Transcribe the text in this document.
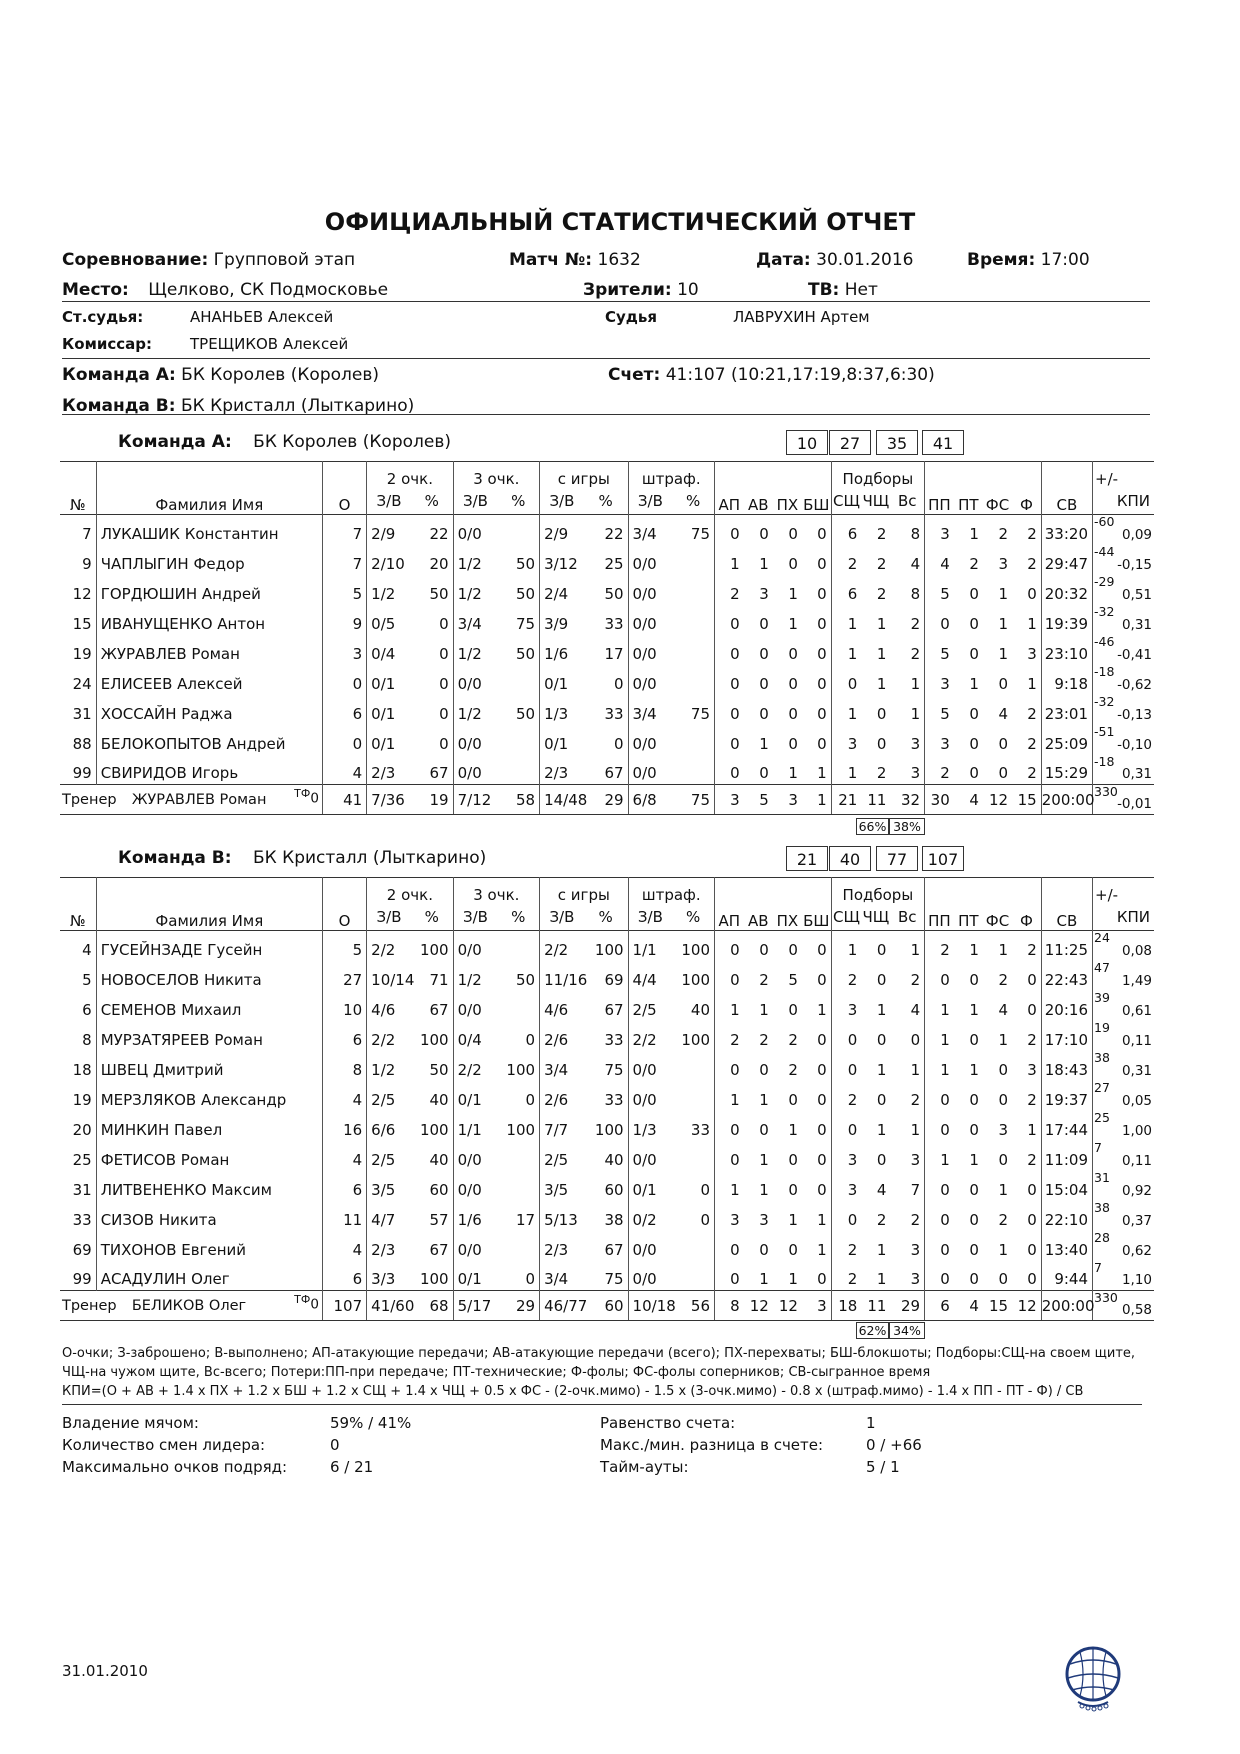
ОФИЦИАЛЬНЫЙ СТАТИСТИЧЕСКИЙ ОТЧЕТ
Соревнование: Групповой этап	Матч №: 1632	Дата: 30.01.2016	Время: 17:00
Место: Щелково, СК Подмосковье	Зрители: 10	ТВ: Нет
Ст.судья:	АНАНЬЕВ Алексей	Судья	ЛАВРУХИН Артем
Комиссар:	ТРЕЩИКОВ Алексей
Команда А: БК Королев (Королев)	Счет: 41:107 (10:21,17:19,8:37,6:30)
Команда В: БК Кристалл (Лыткарино)
Команда А: БК Королев (Королев)	10	27	35	41
№	Фамилия Имя	О	2 очк.		3 очк.		с игры		штраф.		АП	АВ	ПХ	БШ	Подборы			ПП	ПТ	ФС	Ф	СВ	+/-
			З/В	%	З/В	%	З/В	%	З/В	%					СЩ	ЧЩ	Вс						КПИ
7	ЛУКАШИК Константин	7	2/9	22	0/0		2/9	22	3/4	75	0	0	0	0	6	2	8	3	1	2	2	33:20	-60
0,09
9	ЧАПЛЫГИН Федор	7	2/10	20	1/2	50	3/12	25	0/0		1	1	0	0	2	2	4	4	2	3	2	29:47	-44
-0,15
12	ГОРДЮШИН Андрей	5	1/2	50	1/2	50	2/4	50	0/0		2	3	1	0	6	2	8	5	0	1	0	20:32	-29
0,51
15	ИВАНУЩЕНКО Антон	9	0/5	0	3/4	75	3/9	33	0/0		0	0	1	0	1	1	2	0	0	1	1	19:39	-32
0,31
19	ЖУРАВЛЕВ Роман	3	0/4	0	1/2	50	1/6	17	0/0		0	0	0	0	1	1	2	5	0	1	3	23:10	-46
-0,41
24	ЕЛИСЕЕВ Алексей	0	0/1	0	0/0		0/1	0	0/0		0	0	0	0	0	1	1	3	1	0	1	9:18	-18
-0,62
31	ХОССАЙН Раджа	6	0/1	0	1/2	50	1/3	33	3/4	75	0	0	0	0	1	0	1	5	0	4	2	23:01	-32
-0,13
88	БЕЛОКОПЫТОВ Андрей	0	0/1	0	0/0		0/1	0	0/0		0	1	0	0	3	0	3	3	0	0	2	25:09	-51
-0,10
99	СВИРИДОВ Игорь	4	2/3	67	0/0		2/3	67	0/0		0	0	1	1	1	2	3	2	0	0	2	15:29	-18
0,31
Тренер ЖУРАВЛЕВ Роман $^{ТФ}$0		41	7/36	19	7/12	58	14/48	29	6/8	75	3	5	3	1	21	11	32	30	4	12	15	200:00	330
-0,01
66% 38%
Команда В: БК Кристалл (Лыткарино)	21	40	77	107
№	Фамилия Имя	О	2 очк.		3 очк.		с игры		штраф.		АП	АВ	ПХ	БШ	Подборы			ПП	ПТ	ФС	Ф	СВ	+/-
			З/В	%	З/В	%	З/В	%	З/В	%					СЩ	ЧЩ	Вс						КПИ
4	ГУСЕЙНЗАДЕ Гусейн	5	2/2	100	0/0		2/2	100	1/1	100	0	0	0	0	1	0	1	2	1	1	2	11:25	24
0,08
5	НОВОСЕЛОВ Никита	27	10/14	71	1/2	50	11/16	69	4/4	100	0	2	5	0	2	0	2	0	0	2	0	22:43	47
1,49
6	СЕМЕНОВ Михаил	10	4/6	67	0/0		4/6	67	2/5	40	1	1	0	1	3	1	4	1	1	4	0	20:16	39
0,61
8	МУРЗАТЯРЕЕВ Роман	6	2/2	100	0/4	0	2/6	33	2/2	100	2	2	2	0	0	0	0	1	0	1	2	17:10	19
0,11
18	ШВЕЦ Дмитрий	8	1/2	50	2/2	100	3/4	75	0/0		0	0	2	0	0	1	1	1	1	0	3	18:43	38
0,31
19	МЕРЗЛЯКОВ Александр	4	2/5	40	0/1	0	2/6	33	0/0		1	1	0	0	2	0	2	0	0	0	2	19:37	27
0,05
20	МИНКИН Павел	16	6/6	100	1/1	100	7/7	100	1/3	33	0	0	1	0	0	1	1	0	0	3	1	17:44	25
1,00
25	ФЕТИСОВ Роман	4	2/5	40	0/0		2/5	40	0/0		0	1	0	0	3	0	3	1	1	0	2	11:09	7
0,11
31	ЛИТВЕНЕНКО Максим	6	3/5	60	0/0		3/5	60	0/1	0	1	1	0	0	3	4	7	0	0	1	0	15:04	31
0,92
33	СИЗОВ Никита	11	4/7	57	1/6	17	5/13	38	0/2	0	3	3	1	1	0	2	2	0	0	2	0	22:10	38
0,37
69	ТИХОНОВ Евгений	4	2/3	67	0/0		2/3	67	0/0		0	0	0	1	2	1	3	0	0	1	0	13:40	28
0,62
99	АСАДУЛИН Олег	6	3/3	100	0/1	0	3/4	75	0/0		0	1	1	0	2	1	3	0	0	0	0	9:44	7
1,10
Тренер БЕЛИКОВ Олег $^{ТФ}$0		107	41/60	68	5/17	29	46/77	60	10/18	56	8	12	12	3	18	11	29	6	4	15	12	200:00	330
0,58
62% 34%
О-очки; З-заброшено; В-выполнено; АП-атакующие передачи; АВ-атакующие передачи (всего); ПХ-перехваты; БШ-блокшоты; Подборы:СЩ-на своем щите,
ЧЩ-на чужом щите, Вс-всего; Потери:ПП-при передаче; ПТ-технические; Ф-фолы; ФС-фолы соперников; СВ-сыгранное время
КПИ=(О + АВ + 1.4 х ПХ + 1.2 х БШ + 1.2 х СЩ + 1.4 х ЧЩ + 0.5 х ФС - (2-очк.мимо) - 1.5 х (3-очк.мимо) - 0.8 х (штраф.мимо) - 1.4 х ПП - ПТ - Ф) / СВ
Владение мячом:	59% / 41%	Равенство счета:	1
Количество смен лидера:	0	Макс./мин. разница в счете:	0 / +66
Максимально очков подряд:	6 / 21	Тайм-ауты:	5 / 1
31.01.2010
